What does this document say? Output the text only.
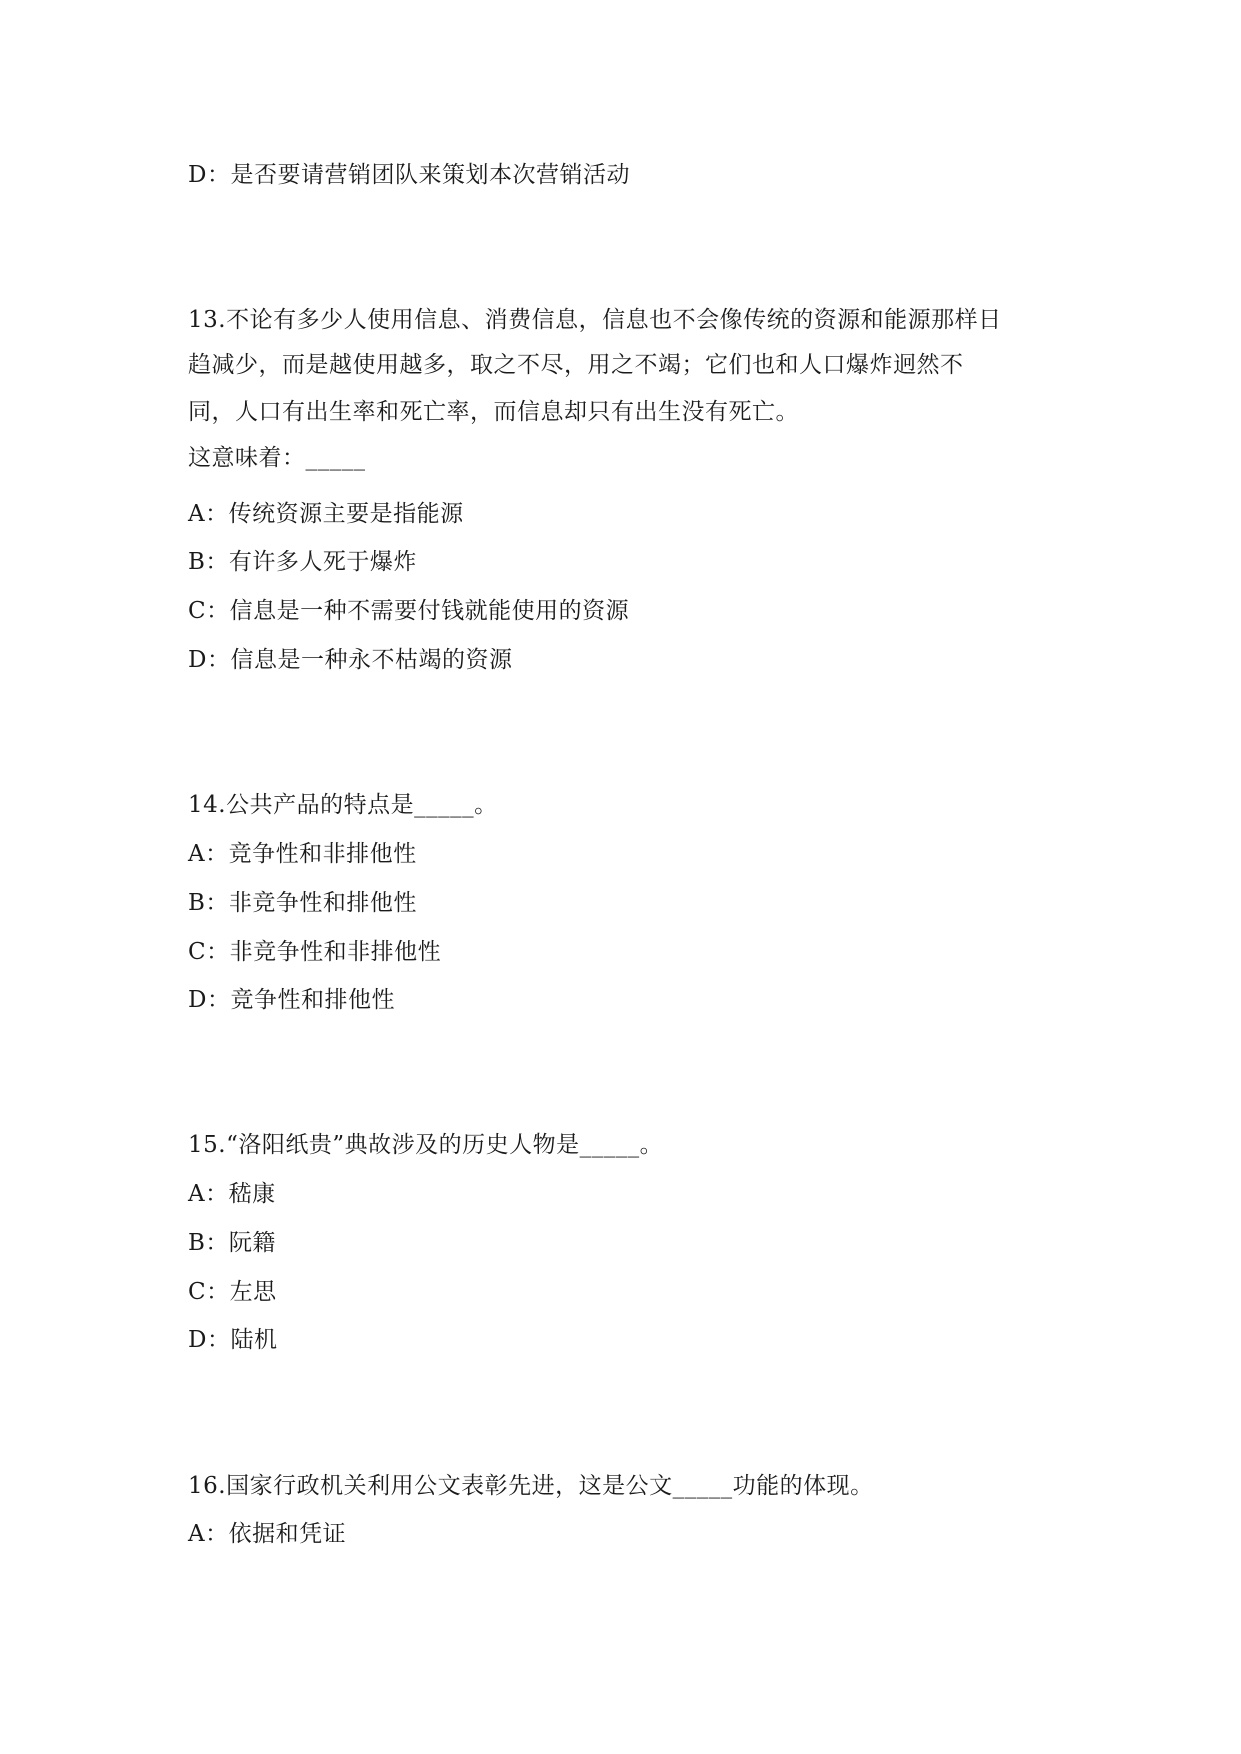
D：是否要请营销团队来策划本次营销活动
13.不论有多少人使用信息、消费信息，信息也不会像传统的资源和能源那样日
趋减少，而是越使用越多，取之不尽，用之不竭；它们也和人口爆炸迥然不
同，人口有出生率和死亡率，而信息却只有出生没有死亡。
这意味着：_____
A：传统资源主要是指能源
B：有许多人死于爆炸
C：信息是一种不需要付钱就能使用的资源
D：信息是一种永不枯竭的资源
14.公共产品的特点是_____。
A：竞争性和非排他性
B：非竞争性和排他性
C：非竞争性和非排他性
D：竞争性和排他性
15.“洛阳纸贵”典故涉及的历史人物是_____。
A：嵇康
B：阮籍
C：左思
D：陆机
16.国家行政机关利用公文表彰先进，这是公文_____功能的体现。
A：依据和凭证
